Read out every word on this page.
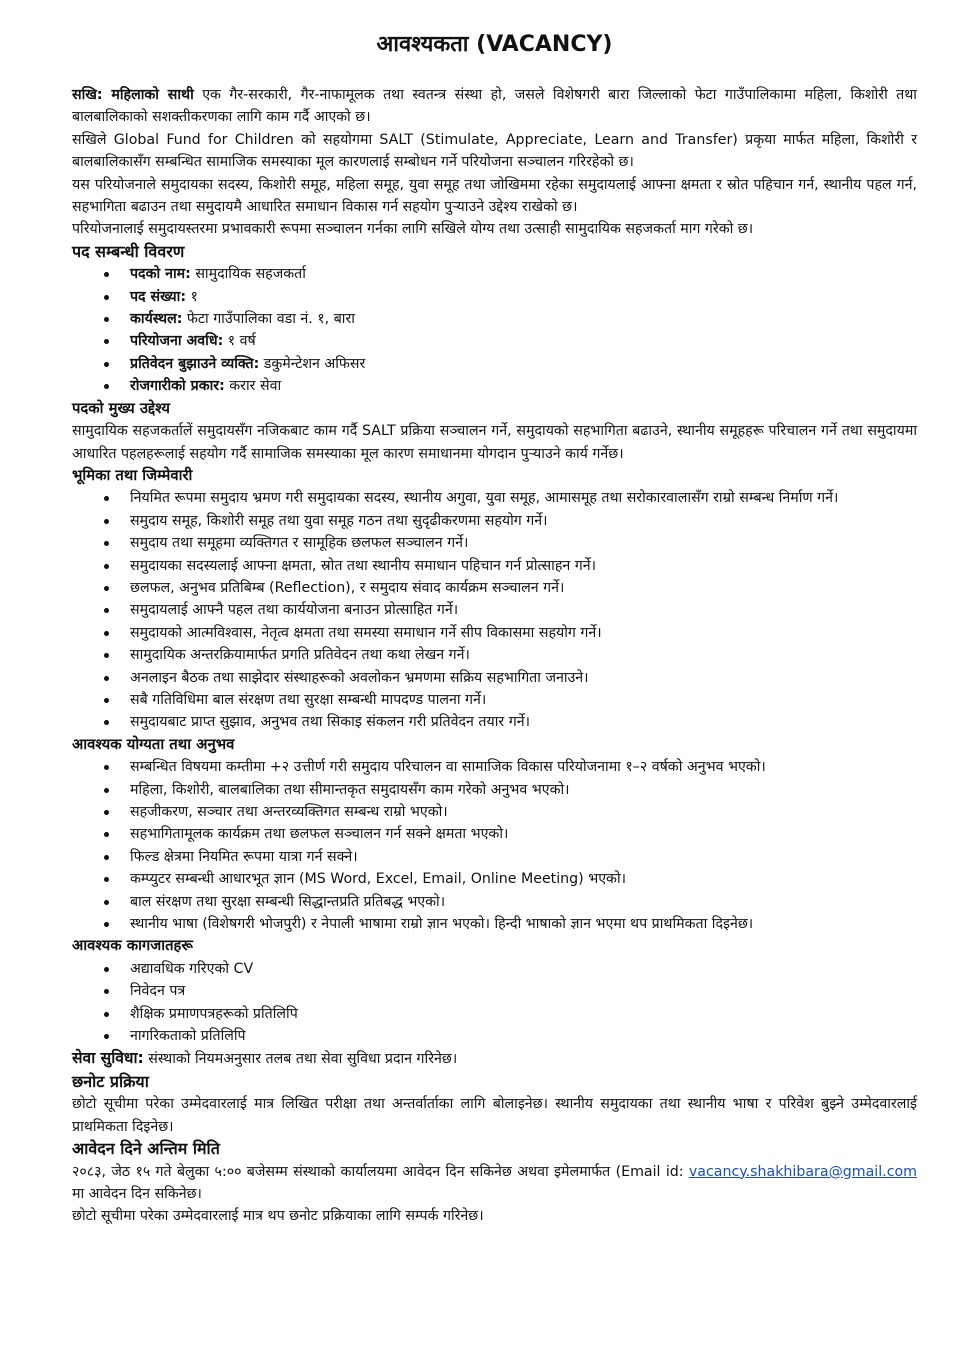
आवश्यकता (VACANCY)

सखि: महिलाको साथी एक गैर-सरकारी, गैर-नाफामूलक तथा स्वतन्त्र संस्था हो, जसले विशेषगरी बारा जिल्लाको फेटा गाउँपालिकामा महिला, किशोरी तथा बालबालिकाको सशक्तीकरणका लागि काम गर्दै आएको छ।

सखिले Global Fund for Children को सहयोगमा SALT (Stimulate, Appreciate, Learn and Transfer) प्रकृया मार्फत महिला, किशोरी र बालबालिकासँग सम्बन्धित सामाजिक समस्याका मूल कारणलाई सम्बोधन गर्ने परियोजना सञ्चालन गरिरहेको छ।

यस परियोजनाले समुदायका सदस्य, किशोरी समूह, महिला समूह, युवा समूह तथा जोखिममा रहेका समुदायलाई आफ्ना क्षमता र स्रोत पहिचान गर्न, स्थानीय पहल गर्न, सहभागिता बढाउन तथा समुदायमै आधारित समाधान विकास गर्न सहयोग पुऱ्याउने उद्देश्य राखेको छ।

परियोजनालाई समुदायस्तरमा प्रभावकारी रूपमा सञ्चालन गर्नका लागि सखिले योग्य तथा उत्साही सामुदायिक सहजकर्ता माग गरेको छ।

पद सम्बन्धी विवरण
पदको नाम: सामुदायिक सहजकर्ता
पद संख्या: १
कार्यस्थल: फेटा गाउँपालिका वडा नं. १, बारा
परियोजना अवधि: १ वर्ष
प्रतिवेदन बुझाउने व्यक्ति: डकुमेन्टेशन अफिसर
रोजगारीको प्रकार: करार सेवा
पदको मुख्य उद्देश्य

सामुदायिक सहजकर्तालें समुदायसँग नजिकबाट काम गर्दै SALT प्रक्रिया सञ्चालन गर्ने, समुदायको सहभागिता बढाउने, स्थानीय समूहहरू परिचालन गर्ने तथा समुदायमा आधारित पहलहरूलाई सहयोग गर्दै सामाजिक समस्याका मूल कारण समाधानमा योगदान पुऱ्याउने कार्य गर्नेछ।

भूमिका तथा जिम्मेवारी
नियमित रूपमा समुदाय भ्रमण गरी समुदायका सदस्य, स्थानीय अगुवा, युवा समूह, आमासमूह तथा सरोकारवालासँग राम्रो सम्बन्ध निर्माण गर्ने।
समुदाय समूह, किशोरी समूह तथा युवा समूह गठन तथा सुदृढीकरणमा सहयोग गर्ने।
समुदाय तथा समूहमा व्यक्तिगत र सामूहिक छलफल सञ्चालन गर्ने।
समुदायका सदस्यलाई आफ्ना क्षमता, स्रोत तथा स्थानीय समाधान पहिचान गर्न प्रोत्साहन गर्ने।
छलफल, अनुभव प्रतिबिम्ब (Reflection), र समुदाय संवाद कार्यक्रम सञ्चालन गर्ने।
समुदायलाई आफ्नै पहल तथा कार्ययोजना बनाउन प्रोत्साहित गर्ने।
समुदायको आत्मविश्वास, नेतृत्व क्षमता तथा समस्या समाधान गर्ने सीप विकासमा सहयोग गर्ने।
सामुदायिक अन्तरक्रियामार्फत प्रगति प्रतिवेदन तथा कथा लेखन गर्ने।
अनलाइन बैठक तथा साझेदार संस्थाहरूको अवलोकन भ्रमणमा सक्रिय सहभागिता जनाउने।
सबै गतिविधिमा बाल संरक्षण तथा सुरक्षा सम्बन्धी मापदण्ड पालना गर्ने।
समुदायबाट प्राप्त सुझाव, अनुभव तथा सिकाइ संकलन गरी प्रतिवेदन तयार गर्ने।
आवश्यक योग्यता तथा अनुभव
सम्बन्धित विषयमा कम्तीमा +२ उत्तीर्ण गरी समुदाय परिचालन वा सामाजिक विकास परियोजनामा १–२ वर्षको अनुभव भएको।
महिला, किशोरी, बालबालिका तथा सीमान्तकृत समुदायसँग काम गरेको अनुभव भएको।
सहजीकरण, सञ्चार तथा अन्तरव्यक्तिगत सम्बन्ध राम्रो भएको।
सहभागितामूलक कार्यक्रम तथा छलफल सञ्चालन गर्न सक्ने क्षमता भएको।
फिल्ड क्षेत्रमा नियमित रूपमा यात्रा गर्न सक्ने।
कम्प्युटर सम्बन्धी आधारभूत ज्ञान (MS Word, Excel, Email, Online Meeting) भएको।
बाल संरक्षण तथा सुरक्षा सम्बन्धी सिद्धान्तप्रति प्रतिबद्ध भएको।
स्थानीय भाषा (विशेषगरी भोजपुरी) र नेपाली भाषामा राम्रो ज्ञान भएको। हिन्दी भाषाको ज्ञान भएमा थप प्राथमिकता दिइनेछ।
आवश्यक कागजातहरू
अद्यावधिक गरिएको CV
निवेदन पत्र
शैक्षिक प्रमाणपत्रहरूको प्रतिलिपि
नागरिकताको प्रतिलिपि

सेवा सुविधा: संस्थाको नियमअनुसार तलब तथा सेवा सुविधा प्रदान गरिनेछ।

छनोट प्रक्रिया

छोटो सूचीमा परेका उम्मेदवारलाई मात्र लिखित परीक्षा तथा अन्तर्वार्ताका लागि बोलाइनेछ। स्थानीय समुदायका तथा स्थानीय भाषा र परिवेश बुझ्ने उम्मेदवारलाई प्राथमिकता दिइनेछ।

आवेदन दिने अन्तिम मिति

२०८३, जेठ १५ गते बेलुका ५:०० बजेसम्म संस्थाको कार्यालयमा आवेदन दिन सकिनेछ अथवा इमेलमार्फत (Email id: vacancy.shakhibara@gmail.com मा आवेदन दिन सकिनेछ।

छोटो सूचीमा परेका उम्मेदवारलाई मात्र थप छनोट प्रक्रियाका लागि सम्पर्क गरिनेछ।
